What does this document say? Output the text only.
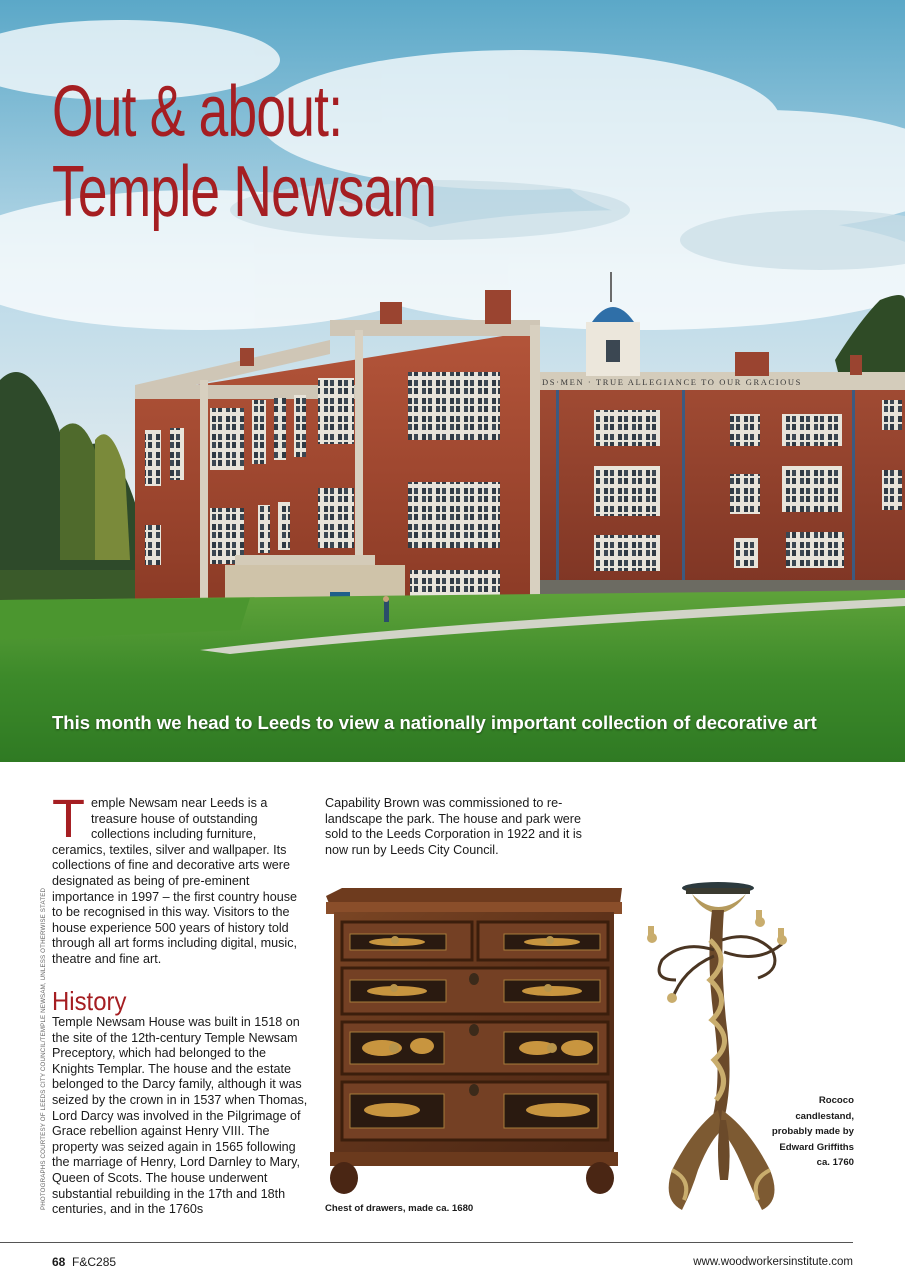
DS·MEN · TRUE ALLEGIANCE TO OUR GRACIOUS
Out & about:
Temple Newsam

This month we head to Leeds to view a nationally important collection of decorative art

Temple Newsam near Leeds is a treasure house of outstanding collections including furniture, ceramics, textiles, silver and wallpaper. Its collections of fine and decorative arts were designated as being of pre-eminent importance in 1997 – the first country house to be recognised in this way. Visitors to the house experience 500 years of history told through all art forms including digital, music, theatre and fine art.
History

Temple Newsam House was built in 1518 on the site of the 12th-century Temple Newsam Preceptory, which had belonged to the Knights Templar. The house and the estate belonged to the Darcy family, although it was seized by the crown in in 1537 when Thomas, Lord Darcy was involved in the Pilgrimage of Grace rebellion against Henry VIII. The property was seized again in 1565 following the marriage of Henry, Lord Darnley to Mary, Queen of Scots. The house underwent substantial rebuilding in the 17th and 18th centuries, and in the 1760s

Capability Brown was commissioned to re-landscape the park. The house and park were sold to the Leeds Corporation in 1922 and it is now run by Leeds City Council.

PHOTOGRAPHS COURTESY OF LEEDS CITY COUNCIL/TEMPLE NEWSAM, UNLESS OTHERWISE STATED	Chest of drawers, made ca. 1680

Rococo candlestand, probably made by Edward Griffiths ca. 1760

68 F&C285	www.woodworkersinstitute.com
